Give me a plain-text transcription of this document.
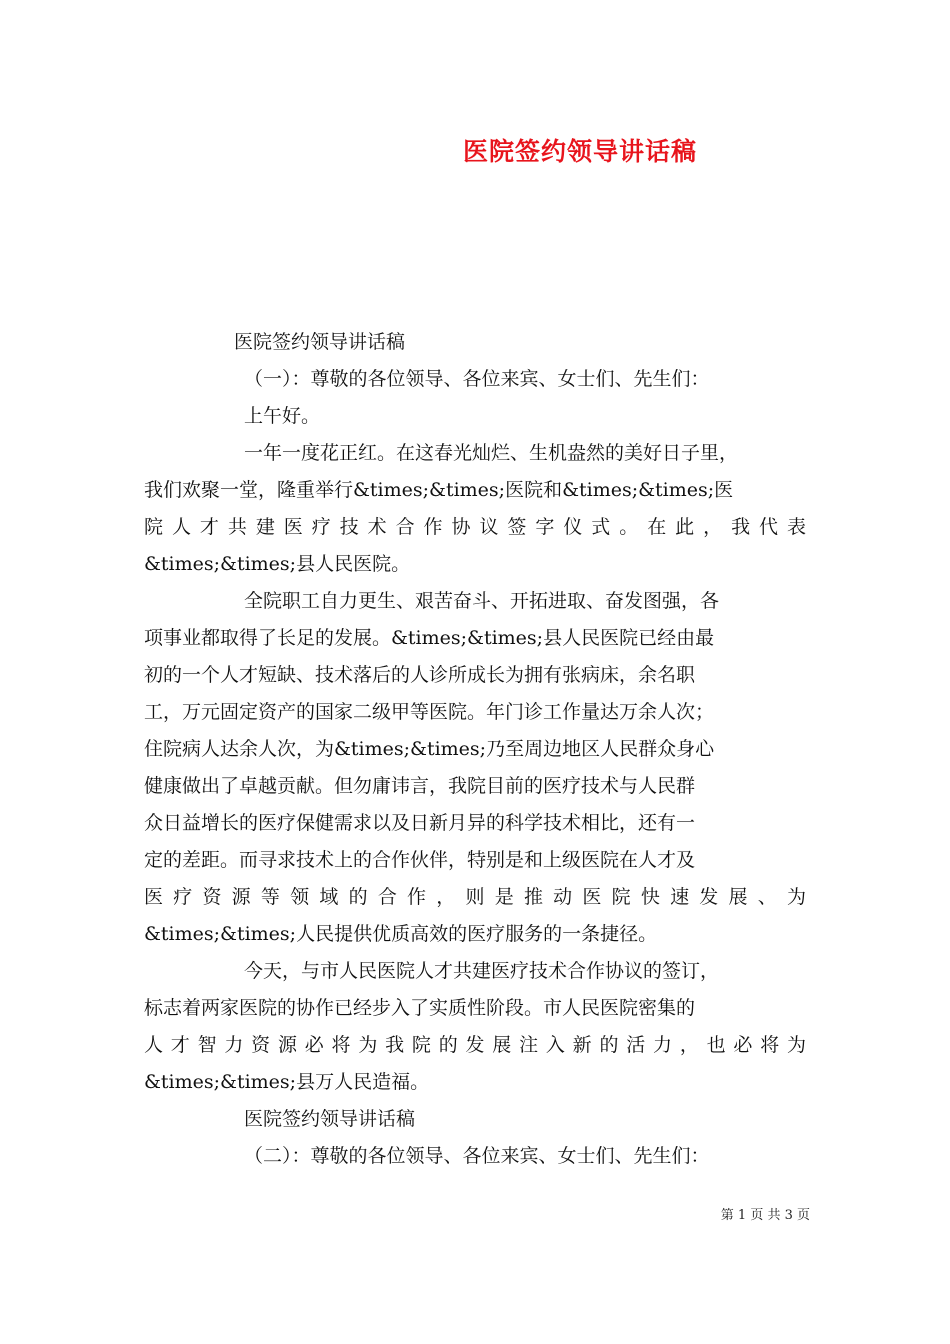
医院签约领导讲话稿
医院签约领导讲话稿
（一）：尊敬的各位领导、各位来宾、女士们、先生们：
上午好。
一年一度花正红。在这春光灿烂、生机盎然的美好日子里，
我们欢聚一堂，隆重举行&times;&times;医院和&times;&times;医
院人才共建医疗技术合作协议签字仪式。在此，我代表
&times;&times;县人民医院。
全院职工自力更生、艰苦奋斗、开拓进取、奋发图强，各
项事业都取得了长足的发展。&times;&times;县人民医院已经由最
初的一个人才短缺、技术落后的人诊所成长为拥有张病床，余名职
工，万元固定资产的国家二级甲等医院。年门诊工作量达万余人次；
住院病人达余人次，为&times;&times;乃至周边地区人民群众身心
健康做出了卓越贡献。但勿庸讳言，我院目前的医疗技术与人民群
众日益增长的医疗保健需求以及日新月异的科学技术相比，还有一
定的差距。而寻求技术上的合作伙伴，特别是和上级医院在人才及
医疗资源等领域的合作，则是推动医院快速发展、为
&times;&times;人民提供优质高效的医疗服务的一条捷径。
今天，与市人民医院人才共建医疗技术合作协议的签订，
标志着两家医院的协作已经步入了实质性阶段。市人民医院密集的
人才智力资源必将为我院的发展注入新的活力，也必将为
&times;&times;县万人民造福。
医院签约领导讲话稿
（二）：尊敬的各位领导、各位来宾、女士们、先生们：
第 1 页 共 3 页
